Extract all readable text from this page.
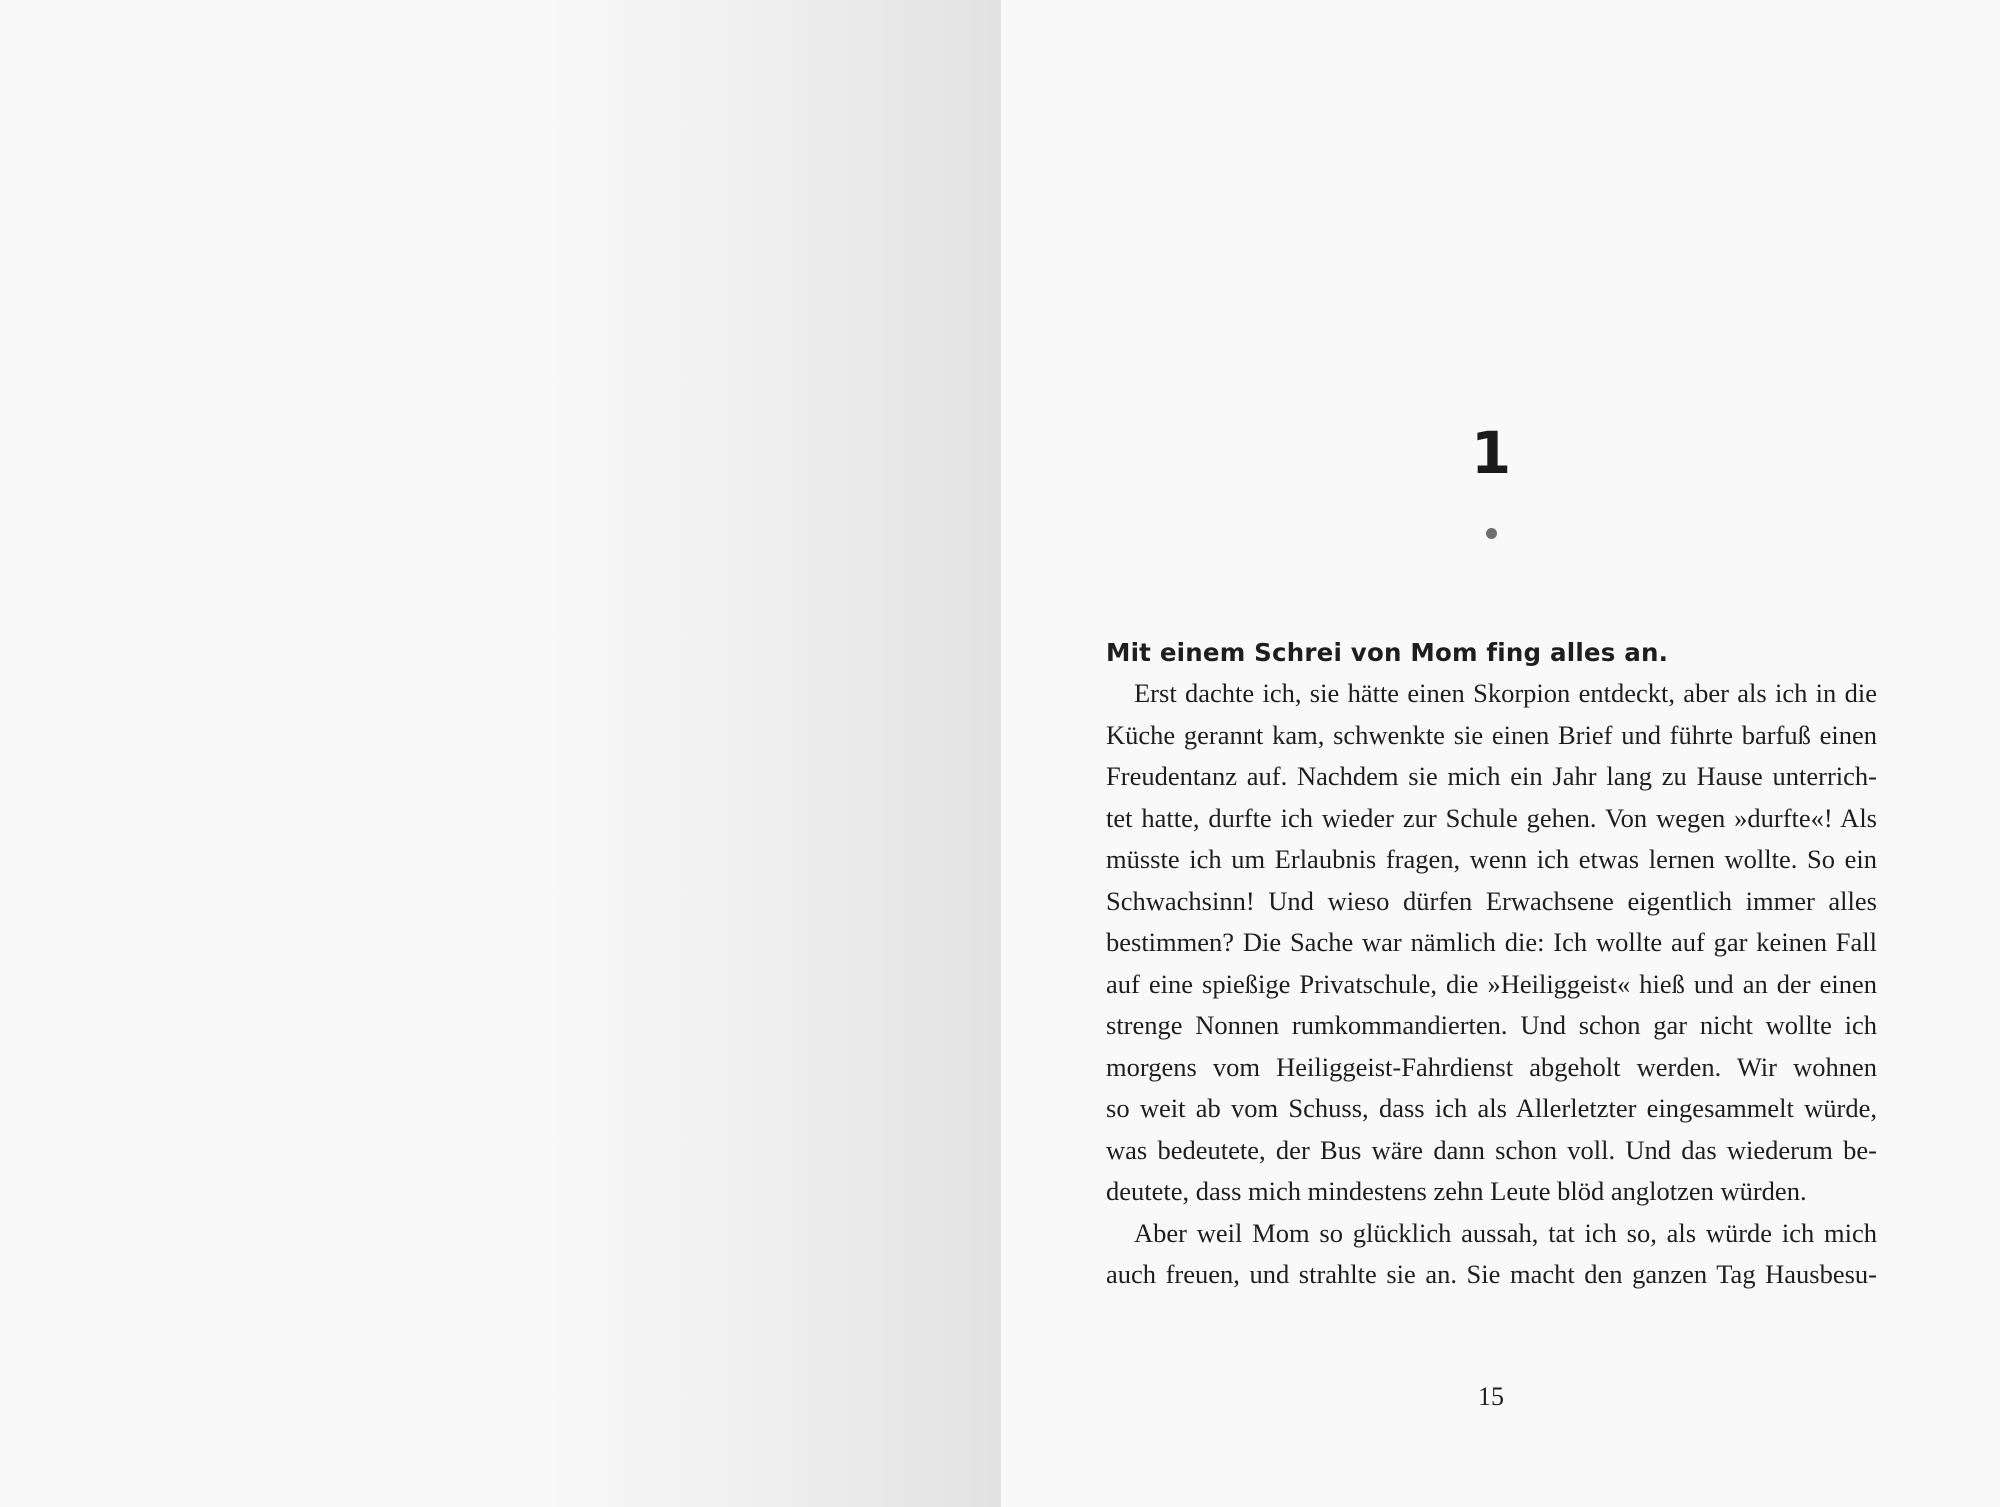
1

Mit einem Schrei von Mom fing alles an.

Erst dachte ich, sie hätte einen Skorpion entdeckt, aber als ich in die
Küche gerannt kam, schwenkte sie einen Brief und führte barfuß einen
Freudentanz auf. Nachdem sie mich ein Jahr lang zu Hause unterrich-
tet hatte, durfte ich wieder zur Schule gehen. Von wegen »durfte«! Als
müsste ich um Erlaubnis fragen, wenn ich etwas lernen wollte. So ein
Schwachsinn! Und wieso dürfen Erwachsene eigentlich immer alles
bestimmen? Die Sache war nämlich die: Ich wollte auf gar keinen Fall
auf eine spießige Privatschule, die »Heiliggeist« hieß und an der einen
strenge Nonnen rumkommandierten. Und schon gar nicht wollte ich
morgens vom Heiliggeist-Fahrdienst abgeholt werden. Wir wohnen
so weit ab vom Schuss, dass ich als Allerletzter eingesammelt würde,
was bedeutete, der Bus wäre dann schon voll. Und das wiederum be-
deutete, dass mich mindestens zehn Leute blöd anglotzen würden.

Aber weil Mom so glücklich aussah, tat ich so, als würde ich mich
auch freuen, und strahlte sie an. Sie macht den ganzen Tag Hausbesu-

15
